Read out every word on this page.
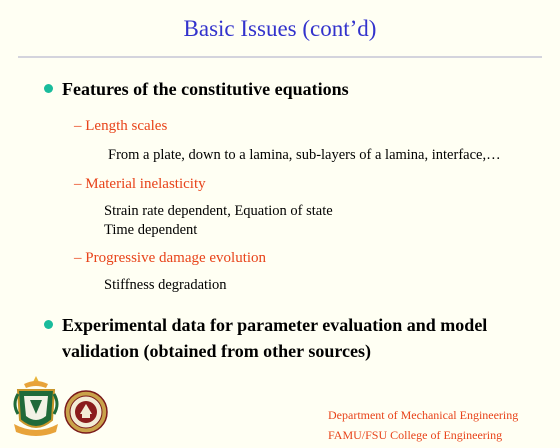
Basic Issues (cont’d)
Features of the constitutive equations
– Length scales
From a plate, down to a lamina, sub-layers of a lamina, interface,…
– Material inelasticity
Strain rate dependent, Equation of state
Time dependent
– Progressive damage evolution
Stiffness degradation
Experimental data for parameter evaluation and model validation (obtained from other sources)
Department of Mechanical Engineering
FAMU/FSU College of Engineering
